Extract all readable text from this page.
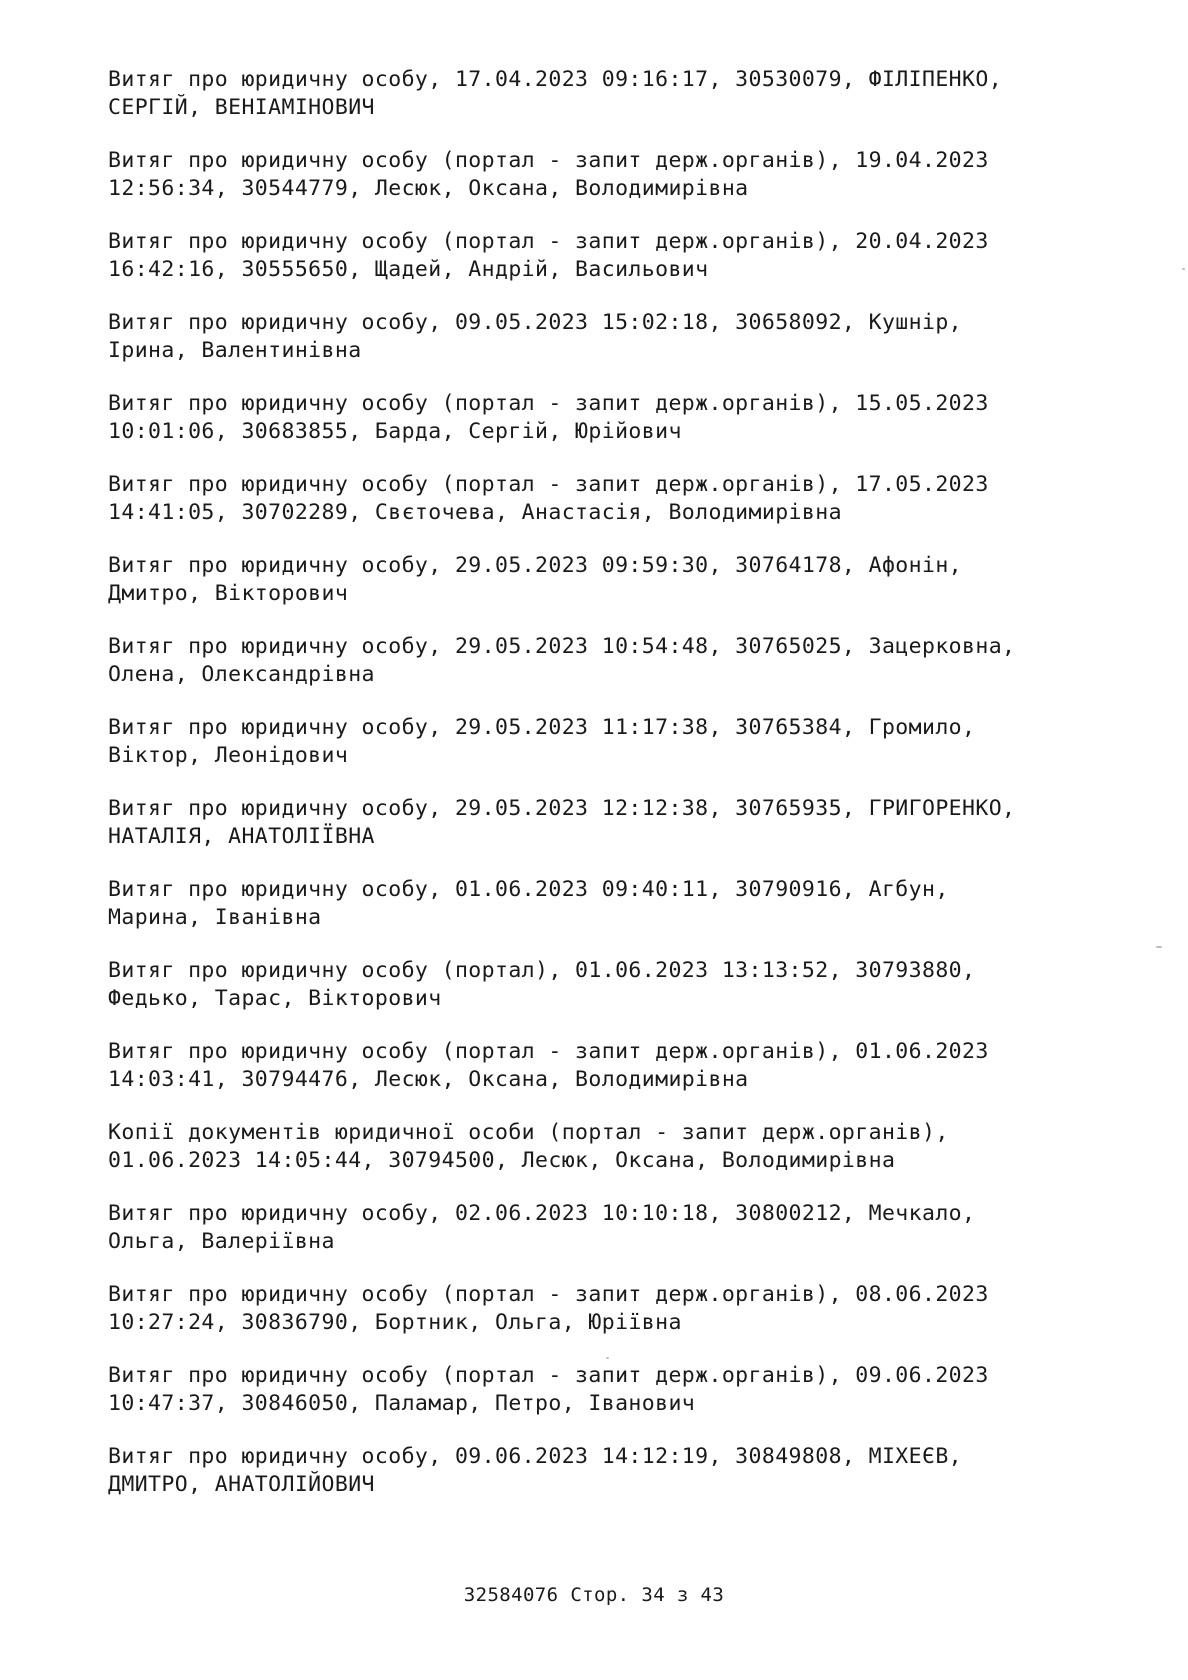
Витяг про юридичну особу, 17.04.2023 09:16:17, 30530079, ФІЛІПЕНКО,
СЕРГІЙ, ВЕНІАМІНОВИЧ
Витяг про юридичну особу (портал - запит держ.органів), 19.04.2023
12:56:34, 30544779, Лесюк, Оксана, Володимирівна
Витяг про юридичну особу (портал - запит держ.органів), 20.04.2023
16:42:16, 30555650, Щадей, Андрій, Васильович
Витяг про юридичну особу, 09.05.2023 15:02:18, 30658092, Кушнір,
Ірина, Валентинівна
Витяг про юридичну особу (портал - запит держ.органів), 15.05.2023
10:01:06, 30683855, Барда, Сергій, Юрійович
Витяг про юридичну особу (портал - запит держ.органів), 17.05.2023
14:41:05, 30702289, Свєточева, Анастасія, Володимирівна
Витяг про юридичну особу, 29.05.2023 09:59:30, 30764178, Афонін,
Дмитро, Вікторович
Витяг про юридичну особу, 29.05.2023 10:54:48, 30765025, Зацерковна,
Олена, Олександрівна
Витяг про юридичну особу, 29.05.2023 11:17:38, 30765384, Громило,
Віктор, Леонідович
Витяг про юридичну особу, 29.05.2023 12:12:38, 30765935, ГРИГОРЕНКО,
НАТАЛІЯ, АНАТОЛІЇВНА
Витяг про юридичну особу, 01.06.2023 09:40:11, 30790916, Агбун,
Марина, Іванівна
Витяг про юридичну особу (портал), 01.06.2023 13:13:52, 30793880,
Федько, Тарас, Вікторович
Витяг про юридичну особу (портал - запит держ.органів), 01.06.2023
14:03:41, 30794476, Лесюк, Оксана, Володимирівна
Копії документів юридичної особи (портал - запит держ.органів),
01.06.2023 14:05:44, 30794500, Лесюк, Оксана, Володимирівна
Витяг про юридичну особу, 02.06.2023 10:10:18, 30800212, Мечкало,
Ольга, Валеріївна
Витяг про юридичну особу (портал - запит держ.органів), 08.06.2023
10:27:24, 30836790, Бортник, Ольга, Юріївна
Витяг про юридичну особу (портал - запит держ.органів), 09.06.2023
10:47:37, 30846050, Паламар, Петро, Іванович
Витяг про юридичну особу, 09.06.2023 14:12:19, 30849808, МІХЕЄВ,
ДМИТРО, АНАТОЛІЙОВИЧ
32584076 Стор. 34 з 43
